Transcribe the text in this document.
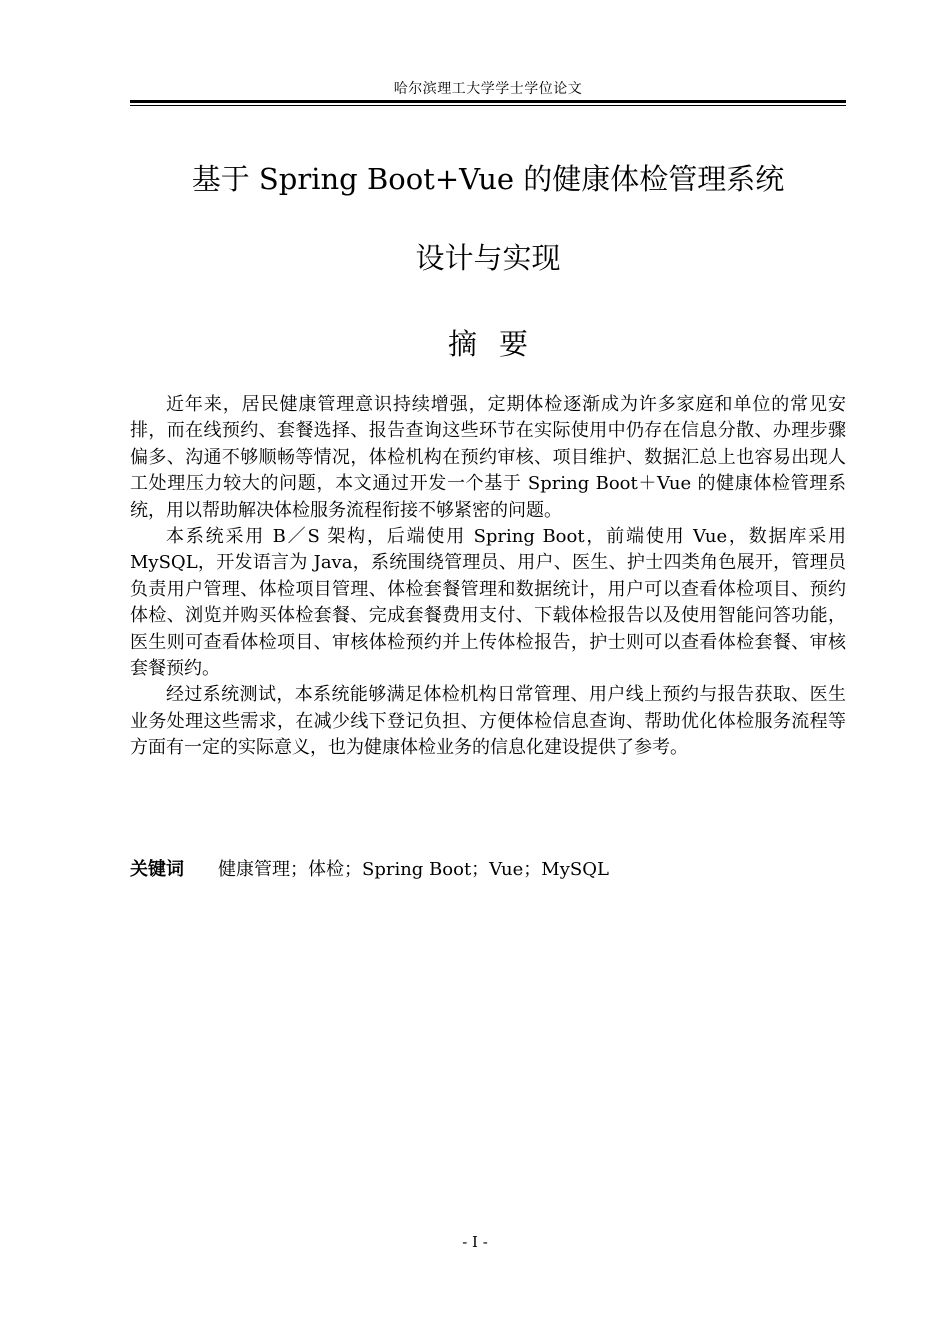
哈尔滨理工大学学士学位论文
基于 Spring Boot+Vue 的健康体检管理系统
设计与实现
摘要

近年来，居民健康管理意识持续增强，定期体检逐渐成为许多家庭和单位的常见安排，而在线预约、套餐选择、报告查询这些环节在实际使用中仍存在信息分散、办理步骤偏多、沟通不够顺畅等情况，体检机构在预约审核、项目维护、数据汇总上也容易出现人工处理压力较大的问题，本文通过开发一个基于 Spring Boot＋Vue 的健康体检管理系统，用以帮助解决体检服务流程衔接不够紧密的问题。

本系统采用 B／S 架构，后端使用 Spring Boot，前端使用 Vue，数据库采用 MySQL，开发语言为 Java，系统围绕管理员、用户、医生、护士四类角色展开，管理员负责用户管理、体检项目管理、体检套餐管理和数据统计，用户可以查看体检项目、预约体检、浏览并购买体检套餐、完成套餐费用支付、下载体检报告以及使用智能问答功能，医生则可查看体检项目、审核体检预约并上传体检报告，护士则可以查看体检套餐、审核套餐预约。

经过系统测试，本系统能够满足体检机构日常管理、用户线上预约与报告获取、医生业务处理这些需求，在减少线下登记负担、方便体检信息查询、帮助优化体检服务流程等方面有一定的实际意义，也为健康体检业务的信息化建设提供了参考。

关键词 健康管理；体检；Spring Boot；Vue；MySQL
- I -
